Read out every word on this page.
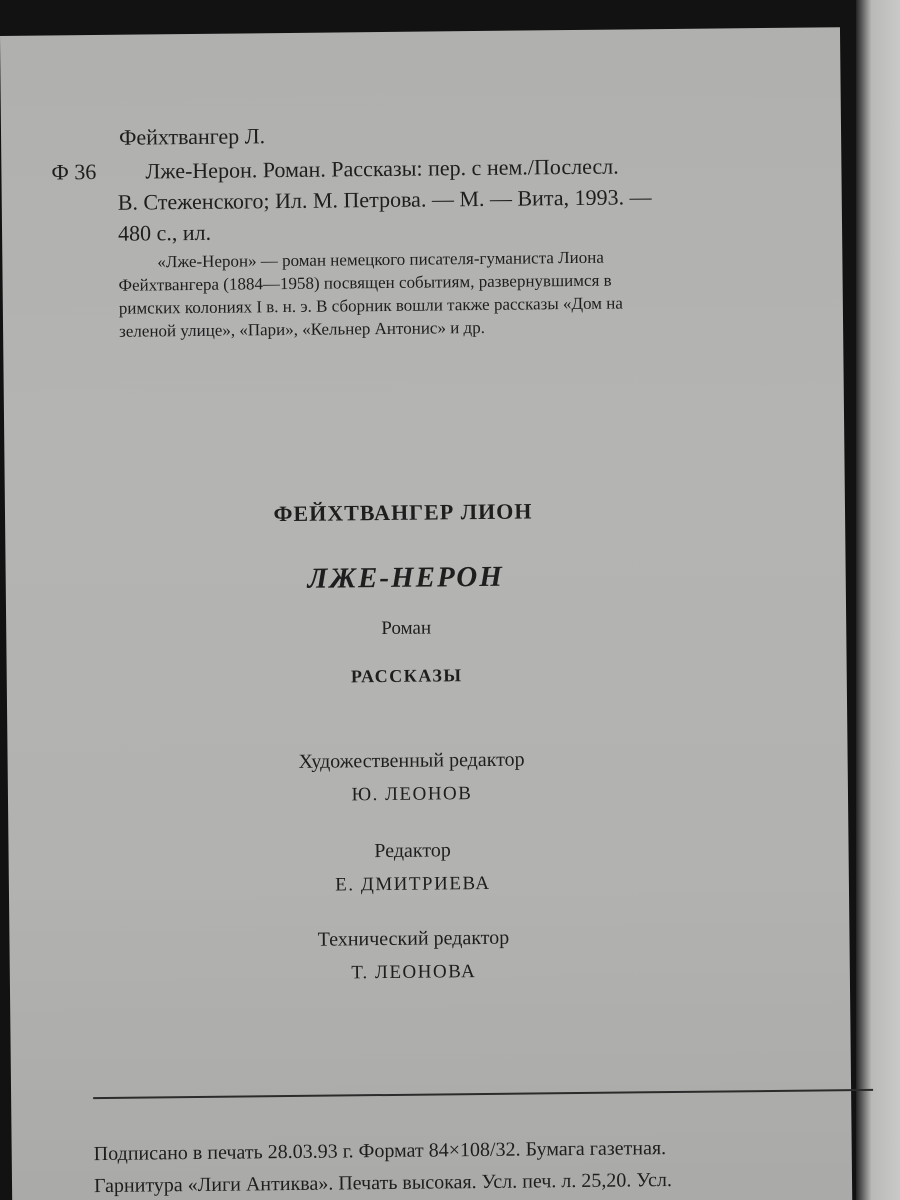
Фейхтвангер Л.
Ф 36 Лже-Нерон. Роман. Рассказы: пер. с нем./Послесл.
В. Стеженского; Ил. М. Петрова. — М. — Вита, 1993. —
480 с., ил.
«Лже-Нерон» — роман немецкого писателя-гуманиста Лиона
Фейхтвангера (1884—1958) посвящен событиям, развернувшимся в
римских колониях I в. н. э. В сборник вошли также рассказы «Дом на
зеленой улице», «Пари», «Кельнер Антонис» и др.
ФЕЙХТВАНГЕР ЛИОН
ЛЖЕ-НЕРОН
Роман
РАССКАЗЫ
Художественный редактор
Ю. ЛЕОНОВ
Редактор
Е. ДМИТРИЕВА
Технический редактор
Т. ЛЕОНОВА
Подписано в печать 28.03.93 г. Формат 84×108/32. Бумага газетная.
Гарнитура «Лиги Антиква». Печать высокая. Усл. печ. л. 25,20. Усл.
